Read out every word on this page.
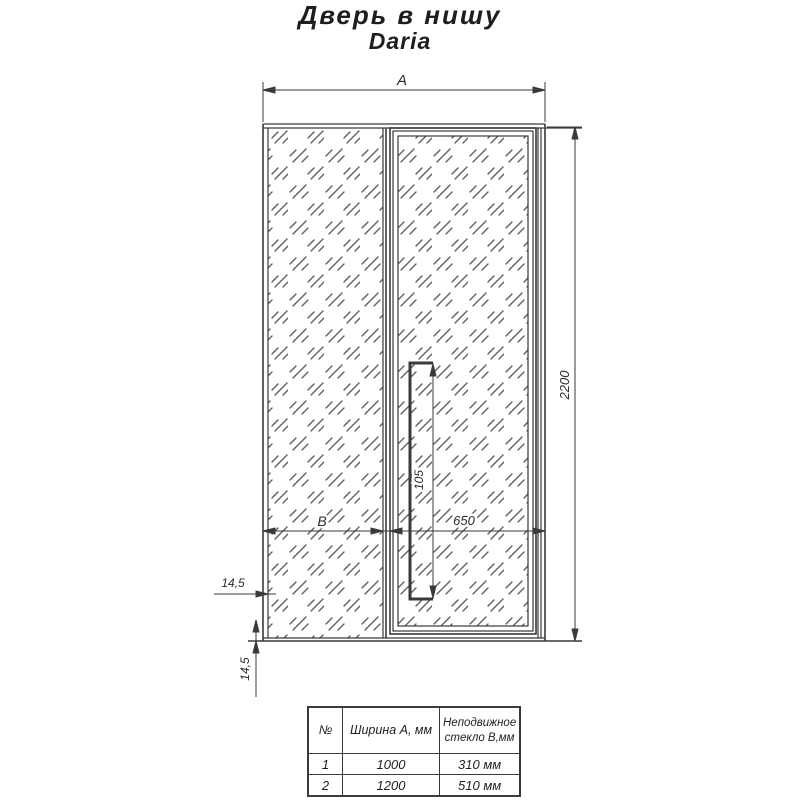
Дверь в нишу
Daria
A
2200
B	650
105
14,5
14,5
№	Ширина А, мм	Неподвижное стекло В,мм
1	1000	310 мм
2	1200	510 мм
